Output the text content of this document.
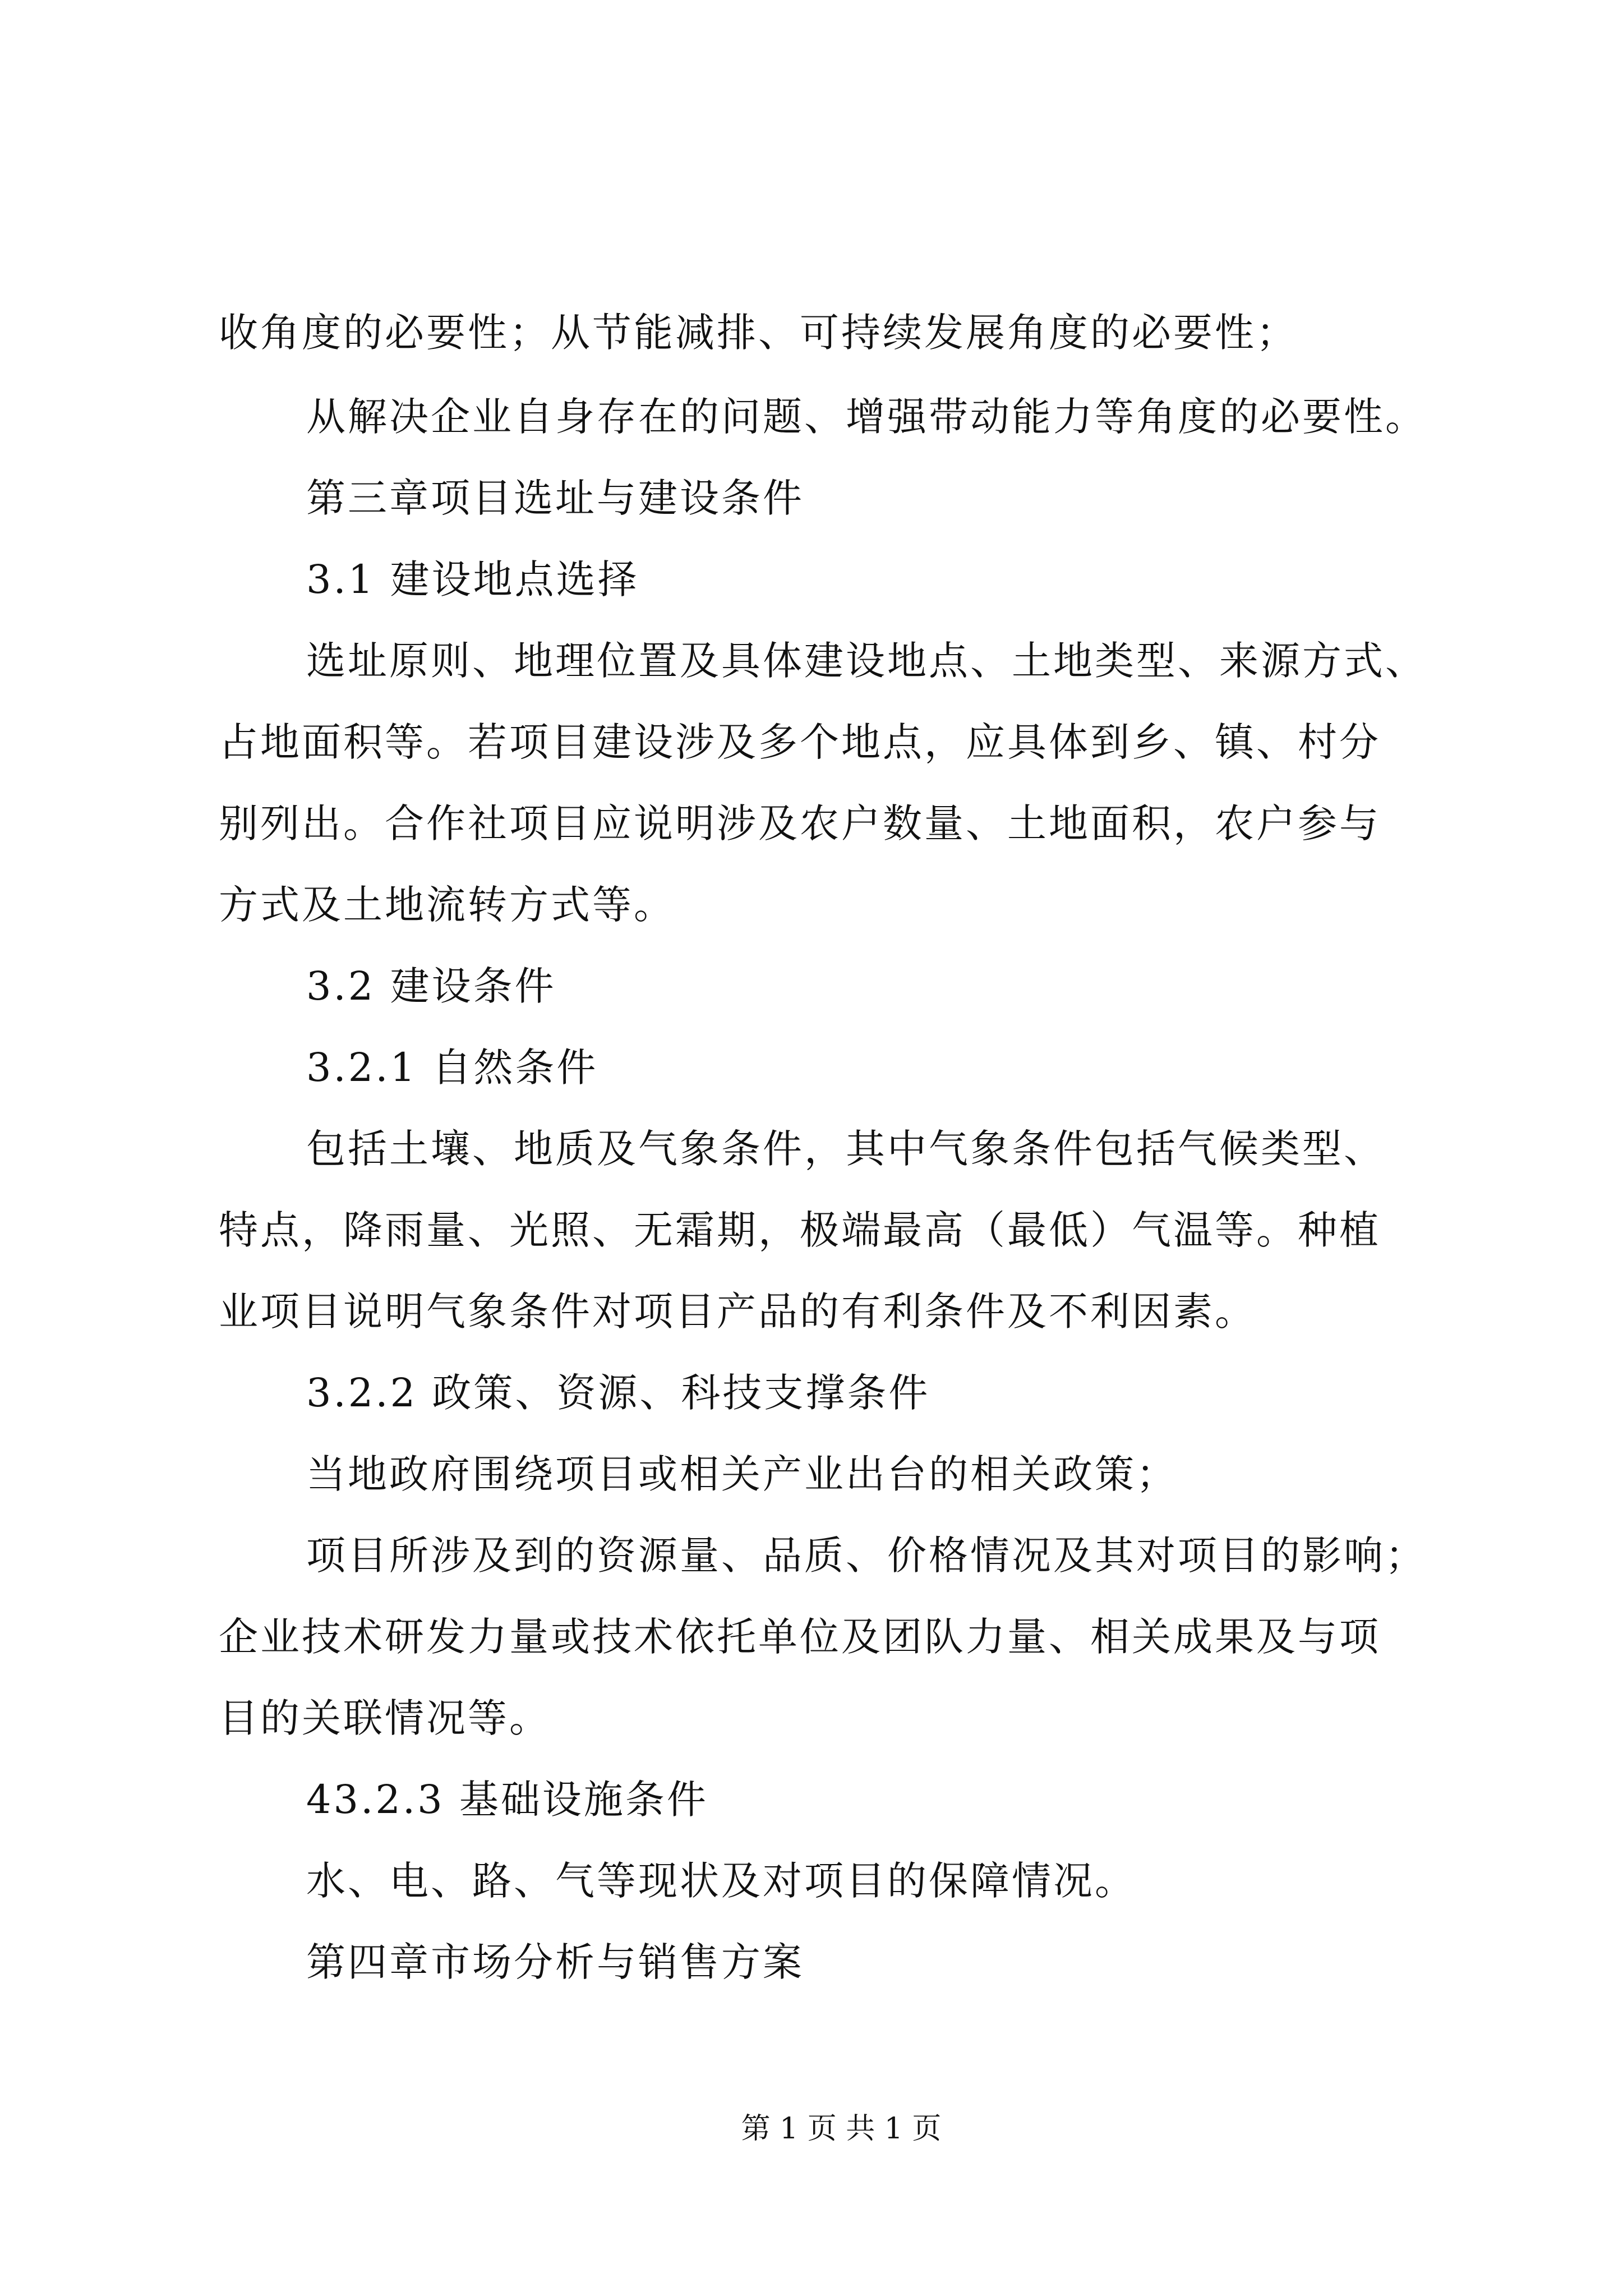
收角度的必要性；从节能减排、可持续发展角度的必要性；
从解决企业自身存在的问题、增强带动能力等角度的必要性。
第三章项目选址与建设条件
3.1 建设地点选择
选址原则、地理位置及具体建设地点、土地类型、来源方式、
占地面积等。若项目建设涉及多个地点，应具体到乡、镇、村分
别列出。合作社项目应说明涉及农户数量、土地面积，农户参与
方式及土地流转方式等。
3.2 建设条件
3.2.1 自然条件
包括土壤、地质及气象条件，其中气象条件包括气候类型、
特点，降雨量、光照、无霜期，极端最高（最低）气温等。种植
业项目说明气象条件对项目产品的有利条件及不利因素。
3.2.2 政策、资源、科技支撑条件
当地政府围绕项目或相关产业出台的相关政策；
项目所涉及到的资源量、品质、价格情况及其对项目的影响；
企业技术研发力量或技术依托单位及团队力量、相关成果及与项
目的关联情况等。
43.2.3 基础设施条件
水、电、路、气等现状及对项目的保障情况。
第四章市场分析与销售方案
第 1 页 共 1 页
